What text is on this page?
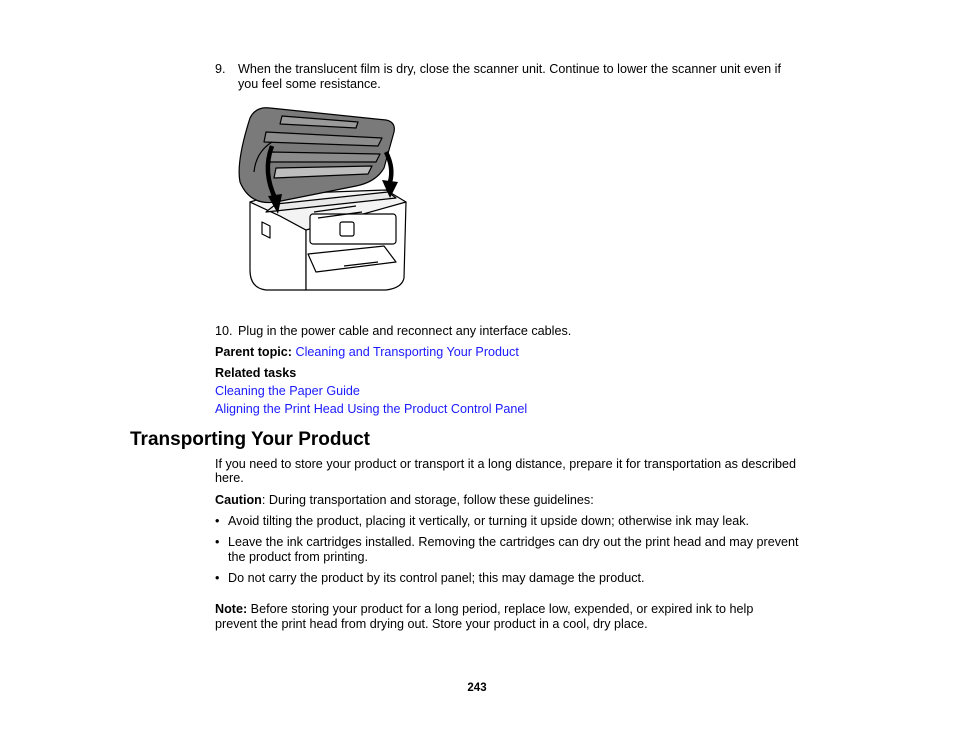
9. When the translucent film is dry, close the scanner unit. Continue to lower the scanner unit even if
you feel some resistance.
10. Plug in the power cable and reconnect any interface cables.
Parent topic: Cleaning and Transporting Your Product
Related tasks
Cleaning the Paper Guide
Aligning the Print Head Using the Product Control Panel
Transporting Your Product
If you need to store your product or transport it a long distance, prepare it for transportation as described
here.
Caution: During transportation and storage, follow these guidelines:
• Avoid tilting the product, placing it vertically, or turning it upside down; otherwise ink may leak.
• Leave the ink cartridges installed. Removing the cartridges can dry out the print head and may prevent
the product from printing.
• Do not carry the product by its control panel; this may damage the product.
Note: Before storing your product for a long period, replace low, expended, or expired ink to help
prevent the print head from drying out. Store your product in a cool, dry place.
243
